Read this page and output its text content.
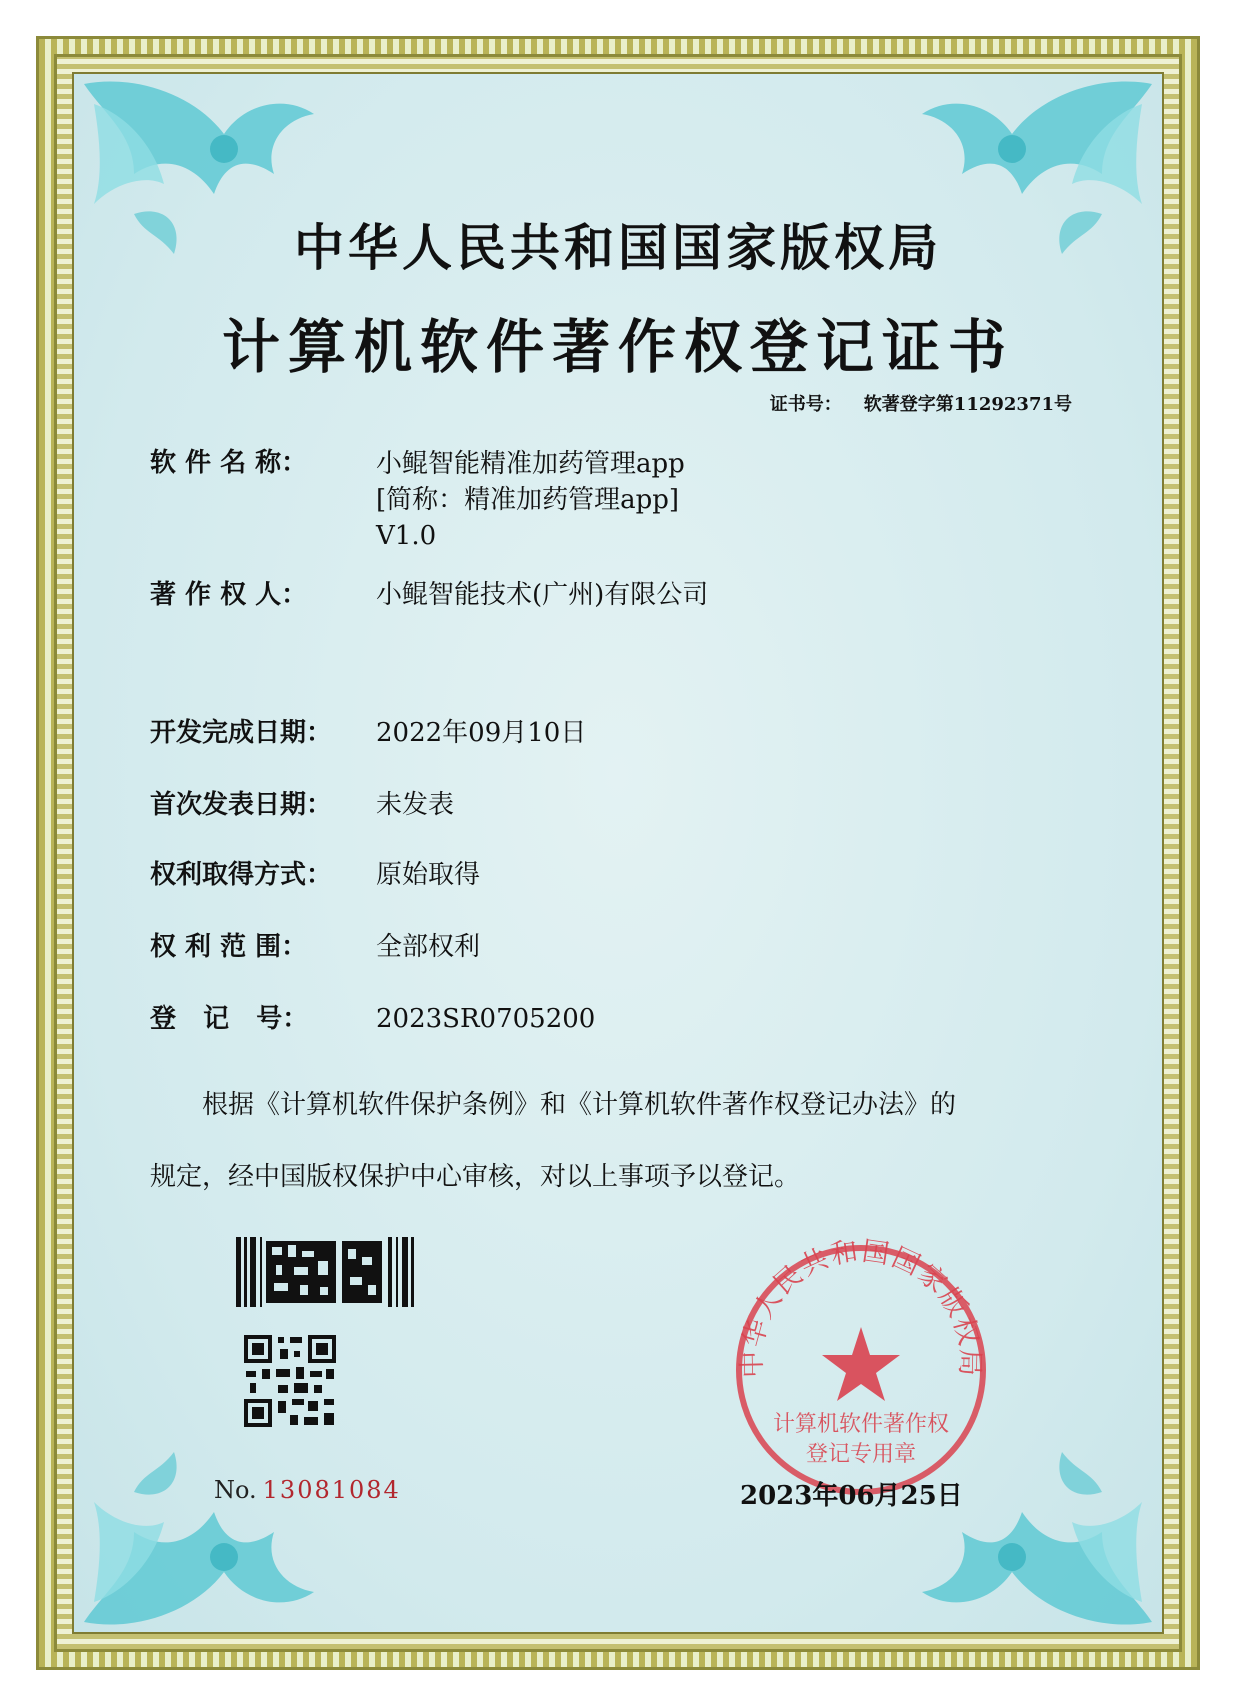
中华人民共和国国家版权局
计算机软件著作权登记证书
证书号： 软著登字第11292371号
软 件 名 称：	小鲲智能精准加药管理app
[简称：精准加药管理app]
V1.0
著 作 权 人：	小鲲智能技术(广州)有限公司
开发完成日期： 2022年09月10日
首次发表日期： 未发表
权利取得方式： 原始取得
权 利 范 围：	全部权利
登   记   号：	2023SR0705200
根据《计算机软件保护条例》和《计算机软件著作权登记办法》的
规定，经中国版权保护中心审核，对以上事项予以登记。
No. 13081084
中华人民共和国国家版权局
计算机软件著作权
登记专用章
2023年06月25日
